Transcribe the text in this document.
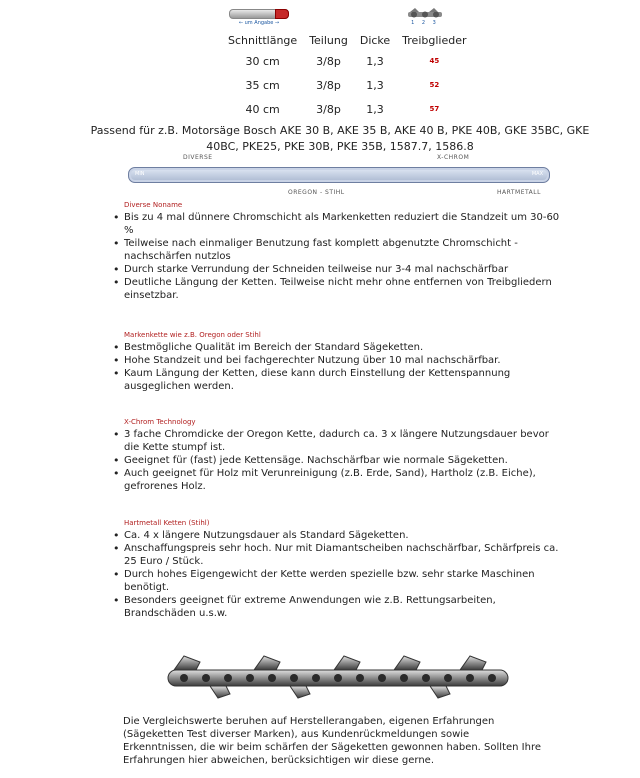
← um Angabe →	1 2 3
Schnittlänge	Teilung	Dicke	Treibglieder
30 cm	3/8p	1,3	45
35 cm	3/8p	1,3	52
40 cm	3/8p	1,3	57
Passend für z.B. Motorsäge Bosch AKE 30 B, AKE 35 B, AKE 40 B, PKE 40B, GKE 35BC, GKE 40BC, PKE25, PKE 30B, PKE 35B, 1587.7, 1586.8
DIVERSE	X-CHROM
MIN	MAX
OREGON - STIHL	HARTMETALL
Diverse Noname
• Bis zu 4 mal dünnere Chromschicht als Markenketten reduziert die Standzeit um 30-60 %
• Teilweise nach einmaliger Benutzung fast komplett abgenutzte Chromschicht - nachschärfen nutzlos
• Durch starke Verrundung der Schneiden teilweise nur 3-4 mal nachschärfbar
• Deutliche Längung der Ketten. Teilweise nicht mehr ohne entfernen von Treibgliedern einsetzbar.
Markenkette wie z.B. Oregon oder Stihl
• Bestmögliche Qualität im Bereich der Standard Sägeketten.
• Hohe Standzeit und bei fachgerechter Nutzung über 10 mal nachschärfbar.
• Kaum Längung der Ketten, diese kann durch Einstellung der Kettenspannung ausgeglichen werden.
X-Chrom Technology
• 3 fache Chromdicke der Oregon Kette, dadurch ca. 3 x längere Nutzungsdauer bevor die Kette stumpf ist.
• Geeignet für (fast) jede Kettensäge. Nachschärfbar wie normale Sägeketten.
• Auch geeignet für Holz mit Verunreinigung (z.B. Erde, Sand), Hartholz (z.B. Eiche), gefrorenes Holz.
Hartmetall Ketten (Stihl)
• Ca. 4 x längere Nutzungsdauer als Standard Sägeketten.
• Anschaffungspreis sehr hoch. Nur mit Diamantscheiben nachschärfbar, Schärfpreis ca. 25 Euro / Stück.
• Durch hohes Eigengewicht der Kette werden spezielle bzw. sehr starke Maschinen benötigt.
• Besonders geeignet für extreme Anwendungen wie z.B. Rettungsarbeiten, Brandschäden u.s.w.
Die Vergleichswerte beruhen auf Herstellerangaben, eigenen Erfahrungen (Sägeketten Test diverser Marken), aus Kundenrückmeldungen sowie Erkenntnissen, die wir beim schärfen der Sägeketten gewonnen haben. Sollten Ihre Erfahrungen hier abweichen, berücksichtigen wir diese gerne.
